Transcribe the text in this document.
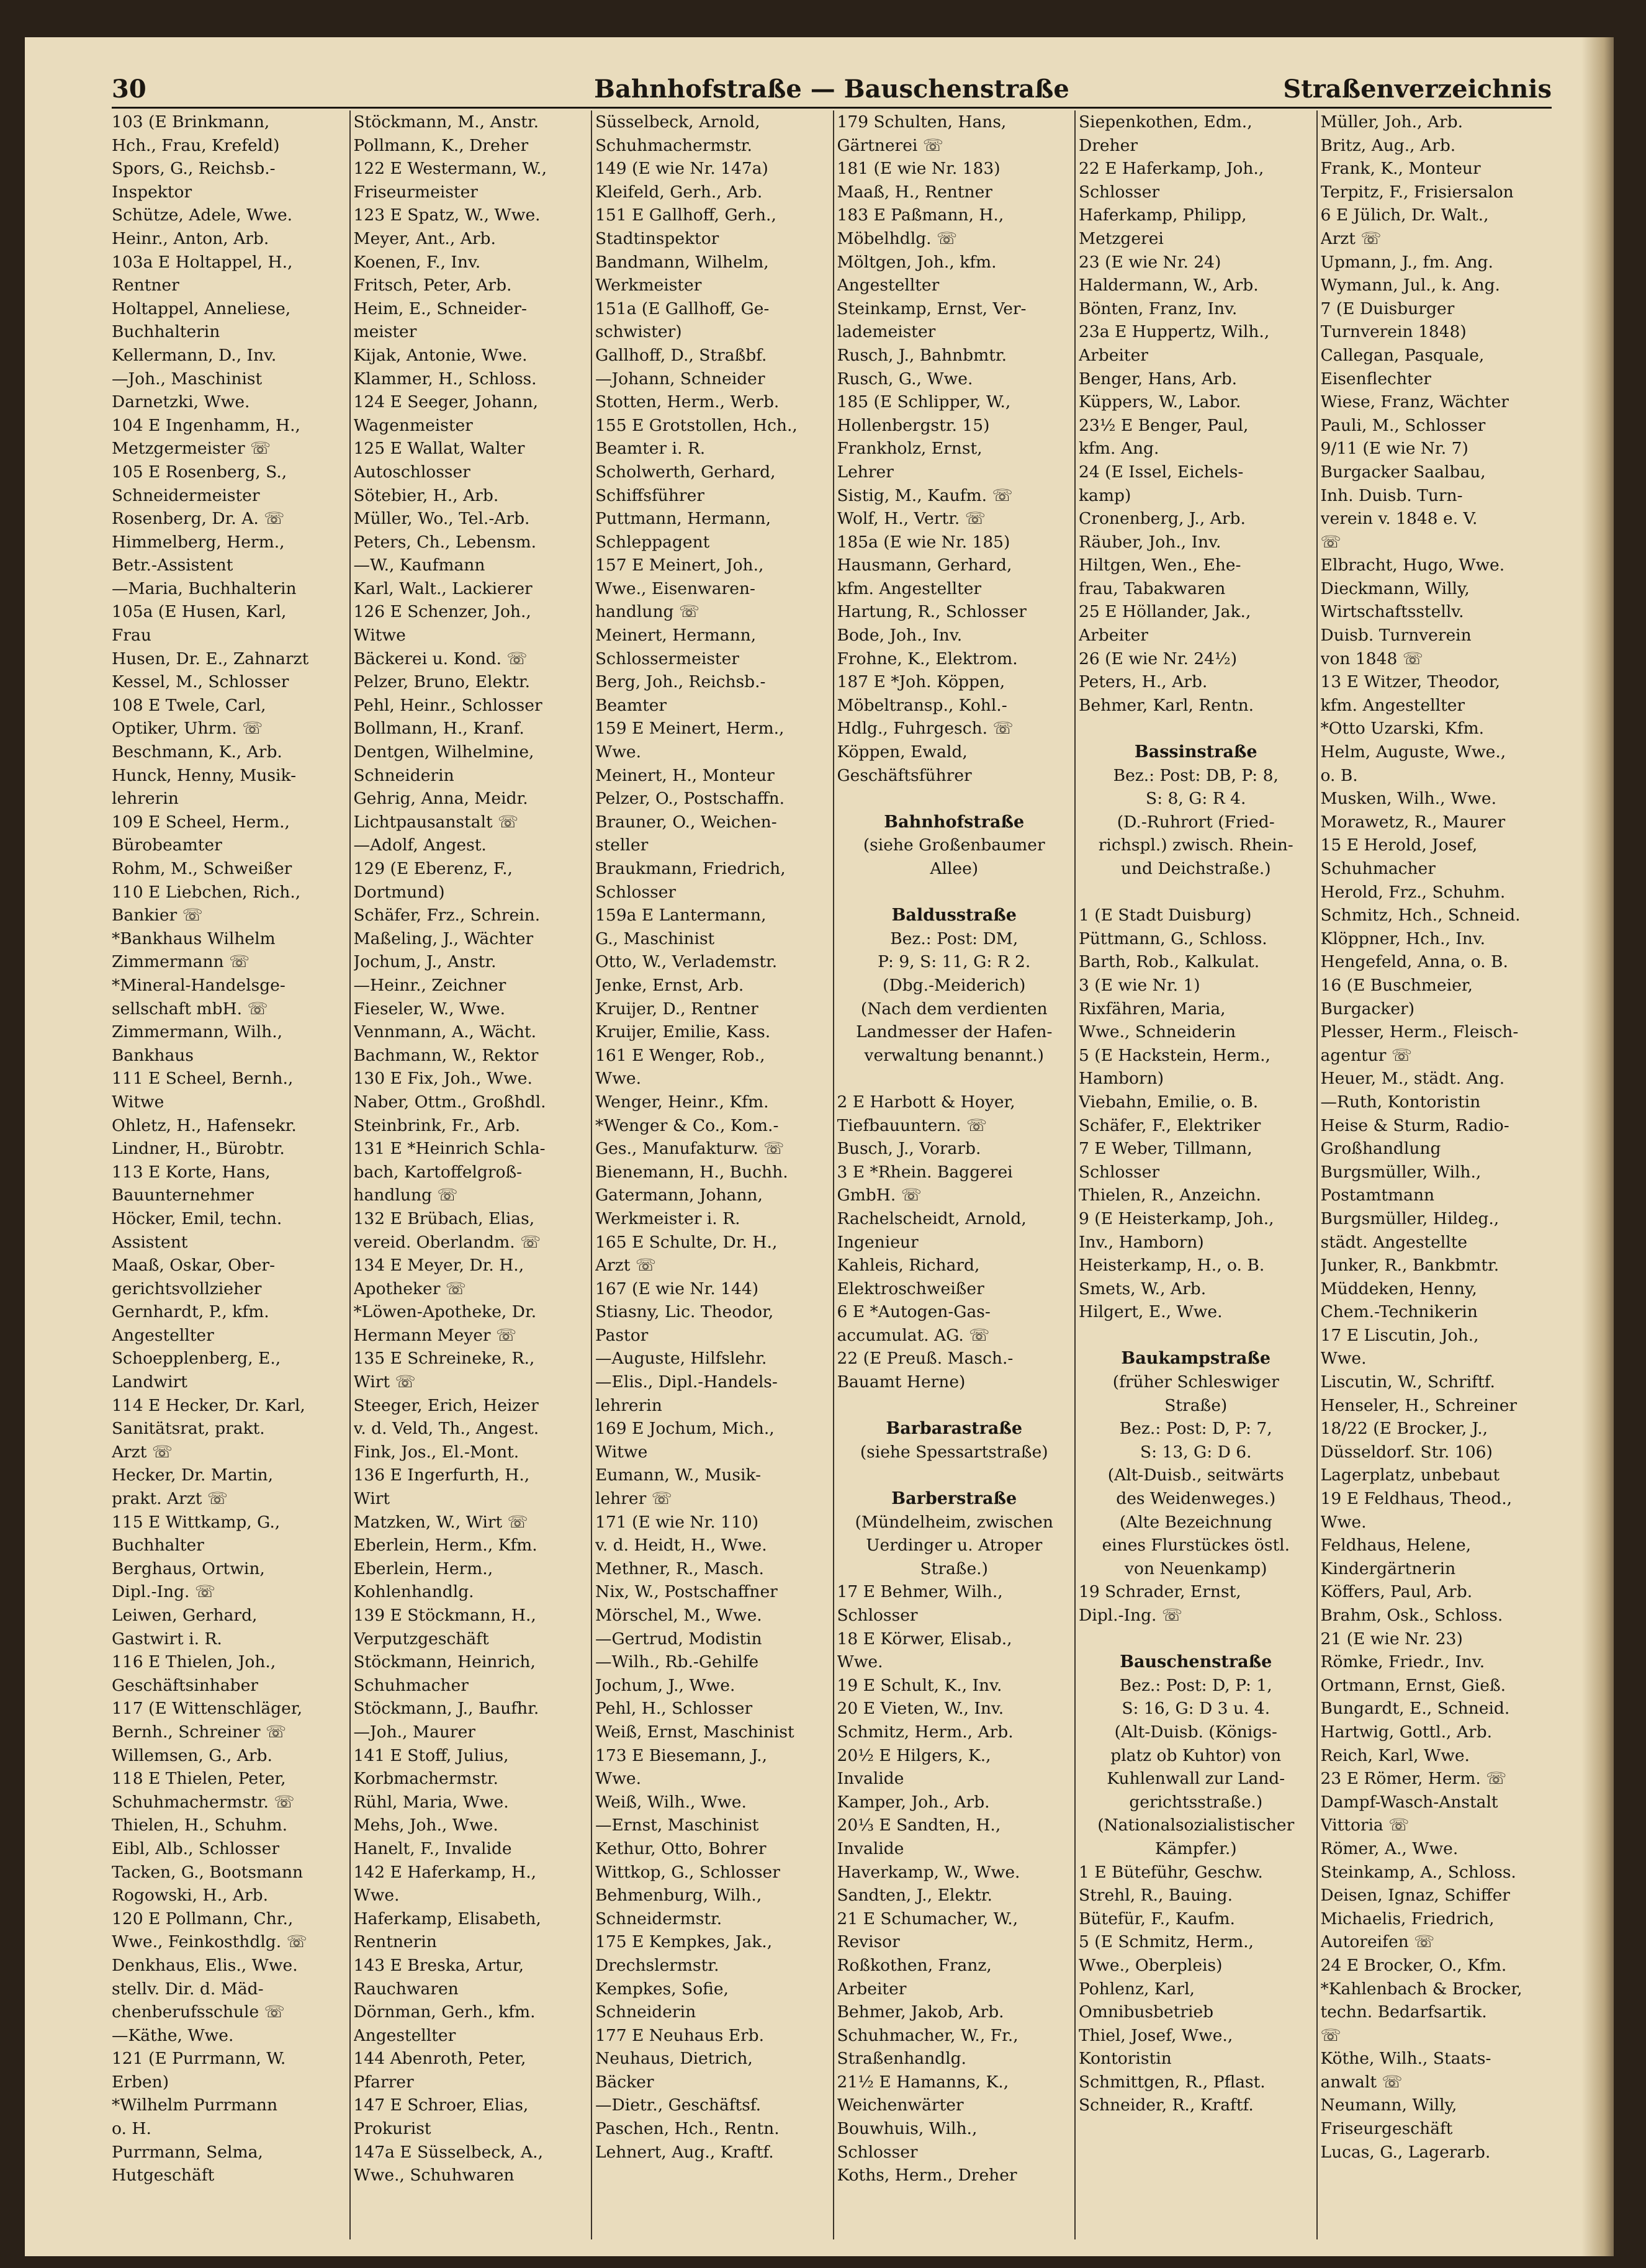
30	Bahnhofstraße — Bauschenstraße	Straßenverzeichnis
103 (E Brinkmann,
Hch., Frau, Krefeld)
Spors, G., Reichsb.-
Inspektor
Schütze, Adele, Wwe.
Heinr., Anton, Arb.
103a E Holtappel, H.,
Rentner
Holtappel, Anneliese,
Buchhalterin
Kellermann, D., Inv.
—Joh., Maschinist
Darnetzki, Wwe.
104 E Ingenhamm, H.,
Metzgermeister ☏
105 E Rosenberg, S.,
Schneidermeister
Rosenberg, Dr. A. ☏
Himmelberg, Herm.,
Betr.-Assistent
—Maria, Buchhalterin
105a (E Husen, Karl,
Frau
Husen, Dr. E., Zahnarzt
Kessel, M., Schlosser
108 E Twele, Carl,
Optiker, Uhrm. ☏
Beschmann, K., Arb.
Hunck, Henny, Musik-
lehrerin
109 E Scheel, Herm.,
Bürobeamter
Rohm, M., Schweißer
110 E Liebchen, Rich.,
Bankier ☏
*Bankhaus Wilhelm
Zimmermann ☏
*Mineral-Handelsge-
sellschaft mbH. ☏
Zimmermann, Wilh.,
Bankhaus
111 E Scheel, Bernh.,
Witwe
Ohletz, H., Hafensekr.
Lindner, H., Bürobtr.
113 E Korte, Hans,
Bauunternehmer
Höcker, Emil, techn.
Assistent
Maaß, Oskar, Ober-
gerichtsvollzieher
Gernhardt, P., kfm.
Angestellter
Schoepplenberg, E.,
Landwirt
114 E Hecker, Dr. Karl,
Sanitätsrat, prakt.
Arzt ☏
Hecker, Dr. Martin,
prakt. Arzt ☏
115 E Wittkamp, G.,
Buchhalter
Berghaus, Ortwin,
Dipl.-Ing. ☏
Leiwen, Gerhard,
Gastwirt i. R.
116 E Thielen, Joh.,
Geschäftsinhaber
117 (E Wittenschläger,
Bernh., Schreiner ☏
Willemsen, G., Arb.
118 E Thielen, Peter,
Schuhmachermstr. ☏
Thielen, H., Schuhm.
Eibl, Alb., Schlosser
Tacken, G., Bootsmann
Rogowski, H., Arb.
120 E Pollmann, Chr.,
Wwe., Feinkosthdlg. ☏
Denkhaus, Elis., Wwe.
stellv. Dir. d. Mäd-
chenberufsschule ☏
—Käthe, Wwe.
121 (E Purrmann, W.
Erben)
*Wilhelm Purrmann
o. H.
Purrmann, Selma,
Hutgeschäft
Stöckmann, M., Anstr.
Pollmann, K., Dreher
122 E Westermann, W.,
Friseurmeister
123 E Spatz, W., Wwe.
Meyer, Ant., Arb.
Koenen, F., Inv.
Fritsch, Peter, Arb.
Heim, E., Schneider-
meister
Kijak, Antonie, Wwe.
Klammer, H., Schloss.
124 E Seeger, Johann,
Wagenmeister
125 E Wallat, Walter
Autoschlosser
Sötebier, H., Arb.
Müller, Wo., Tel.-Arb.
Peters, Ch., Lebensm.
—W., Kaufmann
Karl, Walt., Lackierer
126 E Schenzer, Joh.,
Witwe
Bäckerei u. Kond. ☏
Pelzer, Bruno, Elektr.
Pehl, Heinr., Schlosser
Bollmann, H., Kranf.
Dentgen, Wilhelmine,
Schneiderin
Gehrig, Anna, Meidr.
Lichtpausanstalt ☏
—Adolf, Angest.
129 (E Eberenz, F.,
Dortmund)
Schäfer, Frz., Schrein.
Maßeling, J., Wächter
Jochum, J., Anstr.
—Heinr., Zeichner
Fieseler, W., Wwe.
Vennmann, A., Wächt.
Bachmann, W., Rektor
130 E Fix, Joh., Wwe.
Naber, Ottm., Großhdl.
Steinbrink, Fr., Arb.
131 E *Heinrich Schla-
bach, Kartoffelgroß-
handlung ☏
132 E Brübach, Elias,
vereid. Oberlandm. ☏
134 E Meyer, Dr. H.,
Apotheker ☏
*Löwen-Apotheke, Dr.
Hermann Meyer ☏
135 E Schreineke, R.,
Wirt ☏
Steeger, Erich, Heizer
v. d. Veld, Th., Angest.
Fink, Jos., El.-Mont.
136 E Ingerfurth, H.,
Wirt
Matzken, W., Wirt ☏
Eberlein, Herm., Kfm.
Eberlein, Herm.,
Kohlenhandlg.
139 E Stöckmann, H.,
Verputzgeschäft
Stöckmann, Heinrich,
Schuhmacher
Stöckmann, J., Baufhr.
—Joh., Maurer
141 E Stoff, Julius,
Korbmachermstr.
Rühl, Maria, Wwe.
Mehs, Joh., Wwe.
Hanelt, F., Invalide
142 E Haferkamp, H.,
Wwe.
Haferkamp, Elisabeth,
Rentnerin
143 E Breska, Artur,
Rauchwaren
Dörnman, Gerh., kfm.
Angestellter
144 Abenroth, Peter,
Pfarrer
147 E Schroer, Elias,
Prokurist
147a E Süsselbeck, A.,
Wwe., Schuhwaren
Süsselbeck, Arnold,
Schuhmachermstr.
149 (E wie Nr. 147a)
Kleifeld, Gerh., Arb.
151 E Gallhoff, Gerh.,
Stadtinspektor
Bandmann, Wilhelm,
Werkmeister
151a (E Gallhoff, Ge-
schwister)
Gallhoff, D., Straßbf.
—Johann, Schneider
Stotten, Herm., Werb.
155 E Grotstollen, Hch.,
Beamter i. R.
Scholwerth, Gerhard,
Schiffsführer
Puttmann, Hermann,
Schleppagent
157 E Meinert, Joh.,
Wwe., Eisenwaren-
handlung ☏
Meinert, Hermann,
Schlossermeister
Berg, Joh., Reichsb.-
Beamter
159 E Meinert, Herm.,
Wwe.
Meinert, H., Monteur
Pelzer, O., Postschaffn.
Brauner, O., Weichen-
steller
Braukmann, Friedrich,
Schlosser
159a E Lantermann,
G., Maschinist
Otto, W., Verlademstr.
Jenke, Ernst, Arb.
Kruijer, D., Rentner
Kruijer, Emilie, Kass.
161 E Wenger, Rob.,
Wwe.
Wenger, Heinr., Kfm.
*Wenger & Co., Kom.-
Ges., Manufakturw. ☏
Bienemann, H., Buchh.
Gatermann, Johann,
Werkmeister i. R.
165 E Schulte, Dr. H.,
Arzt ☏
167 (E wie Nr. 144)
Stiasny, Lic. Theodor,
Pastor
—Auguste, Hilfslehr.
—Elis., Dipl.-Handels-
lehrerin
169 E Jochum, Mich.,
Witwe
Eumann, W., Musik-
lehrer ☏
171 (E wie Nr. 110)
v. d. Heidt, H., Wwe.
Methner, R., Masch.
Nix, W., Postschaffner
Mörschel, M., Wwe.
—Gertrud, Modistin
—Wilh., Rb.-Gehilfe
Jochum, J., Wwe.
Pehl, H., Schlosser
Weiß, Ernst, Maschinist
173 E Biesemann, J.,
Wwe.
Weiß, Wilh., Wwe.
—Ernst, Maschinist
Kethur, Otto, Bohrer
Wittkop, G., Schlosser
Behmenburg, Wilh.,
Schneidermstr.
175 E Kempkes, Jak.,
Drechslermstr.
Kempkes, Sofie,
Schneiderin
177 E Neuhaus Erb.
Neuhaus, Dietrich,
Bäcker
—Dietr., Geschäftsf.
Paschen, Hch., Rentn.
Lehnert, Aug., Kraftf.
179 Schulten, Hans,
Gärtnerei ☏
181 (E wie Nr. 183)
Maaß, H., Rentner
183 E Paßmann, H.,
Möbelhdlg. ☏
Möltgen, Joh., kfm.
Angestellter
Steinkamp, Ernst, Ver-
lademeister
Rusch, J., Bahnbmtr.
Rusch, G., Wwe.
185 (E Schlipper, W.,
Hollenbergstr. 15)
Frankholz, Ernst,
Lehrer
Sistig, M., Kaufm. ☏
Wolf, H., Vertr. ☏
185a (E wie Nr. 185)
Hausmann, Gerhard,
kfm. Angestellter
Hartung, R., Schlosser
Bode, Joh., Inv.
Frohne, K., Elektrom.
187 E *Joh. Köppen,
Möbeltransp., Kohl.-
Hdlg., Fuhrgesch. ☏
Köppen, Ewald,
Geschäftsführer

Bahnhofstraße
(siehe Großenbaumer
Allee)

Baldusstraße
Bez.: Post: DM,
P: 9, S: 11, G: R 2.
(Dbg.-Meiderich)
(Nach dem verdienten
Landmesser der Hafen-
verwaltung benannt.)

2 E Harbott & Hoyer,
Tiefbauuntern. ☏
Busch, J., Vorarb.
3 E *Rhein. Baggerei
GmbH. ☏
Rachelscheidt, Arnold,
Ingenieur
Kahleis, Richard,
Elektroschweißer
6 E *Autogen-Gas-
accumulat. AG. ☏
22 (E Preuß. Masch.-
Bauamt Herne)

Barbarastraße
(siehe Spessartstraße)

Barberstraße
(Mündelheim, zwischen
Uerdinger u. Atroper
Straße.)
17 E Behmer, Wilh.,
Schlosser
18 E Körwer, Elisab.,
Wwe.
19 E Schult, K., Inv.
20 E Vieten, W., Inv.
Schmitz, Herm., Arb.
20½ E Hilgers, K.,
Invalide
Kamper, Joh., Arb.
20⅓ E Sandten, H.,
Invalide
Haverkamp, W., Wwe.
Sandten, J., Elektr.
21 E Schumacher, W.,
Revisor
Roßkothen, Franz,
Arbeiter
Behmer, Jakob, Arb.
Schuhmacher, W., Fr.,
Straßenhandlg.
21½ E Hamanns, K.,
Weichenwärter
Bouwhuis, Wilh.,
Schlosser
Koths, Herm., Dreher
Siepenkothen, Edm.,
Dreher
22 E Haferkamp, Joh.,
Schlosser
Haferkamp, Philipp,
Metzgerei
23 (E wie Nr. 24)
Haldermann, W., Arb.
Bönten, Franz, Inv.
23a E Huppertz, Wilh.,
Arbeiter
Benger, Hans, Arb.
Küppers, W., Labor.
23½ E Benger, Paul,
kfm. Ang.
24 (E Issel, Eichels-
kamp)
Cronenberg, J., Arb.
Räuber, Joh., Inv.
Hiltgen, Wen., Ehe-
frau, Tabakwaren
25 E Höllander, Jak.,
Arbeiter
26 (E wie Nr. 24½)
Peters, H., Arb.
Behmer, Karl, Rentn.

Bassinstraße
Bez.: Post: DB, P: 8,
S: 8, G: R 4.
(D.-Ruhrort (Fried-
richspl.) zwisch. Rhein-
und Deichstraße.)

1 (E Stadt Duisburg)
Püttmann, G., Schloss.
Barth, Rob., Kalkulat.
3 (E wie Nr. 1)
Rixfähren, Maria,
Wwe., Schneiderin
5 (E Hackstein, Herm.,
Hamborn)
Viebahn, Emilie, o. B.
Schäfer, F., Elektriker
7 E Weber, Tillmann,
Schlosser
Thielen, R., Anzeichn.
9 (E Heisterkamp, Joh.,
Inv., Hamborn)
Heisterkamp, H., o. B.
Smets, W., Arb.
Hilgert, E., Wwe.

Baukampstraße
(früher Schleswiger
Straße)
Bez.: Post: D, P: 7,
S: 13, G: D 6.
(Alt-Duisb., seitwärts
des Weidenweges.)
(Alte Bezeichnung
eines Flurstückes östl.
von Neuenkamp)
19 Schrader, Ernst,
Dipl.-Ing. ☏

Bauschenstraße
Bez.: Post: D, P: 1,
S: 16, G: D 3 u. 4.
(Alt-Duisb. (Königs-
platz ob Kuhtor) von
Kuhlenwall zur Land-
gerichtsstraße.)
(Nationalsozialistischer
Kämpfer.)
1 E Büteführ, Geschw.
Strehl, R., Bauing.
Bütefür, F., Kaufm.
5 (E Schmitz, Herm.,
Wwe., Oberpleis)
Pohlenz, Karl,
Omnibusbetrieb
Thiel, Josef, Wwe.,
Kontoristin
Schmittgen, R., Pflast.
Schneider, R., Kraftf.
Müller, Joh., Arb.
Britz, Aug., Arb.
Frank, K., Monteur
Terpitz, F., Frisiersalon
6 E Jülich, Dr. Walt.,
Arzt ☏
Upmann, J., fm. Ang.
Wymann, Jul., k. Ang.
7 (E Duisburger
Turnverein 1848)
Callegan, Pasquale,
Eisenflechter
Wiese, Franz, Wächter
Pauli, M., Schlosser
9/11 (E wie Nr. 7)
Burgacker Saalbau,
Inh. Duisb. Turn-
verein v. 1848 e. V.
☏
Elbracht, Hugo, Wwe.
Dieckmann, Willy,
Wirtschaftsstellv.
Duisb. Turnverein
von 1848 ☏
13 E Witzer, Theodor,
kfm. Angestellter
*Otto Uzarski, Kfm.
Helm, Auguste, Wwe.,
o. B.
Musken, Wilh., Wwe.
Morawetz, R., Maurer
15 E Herold, Josef,
Schuhmacher
Herold, Frz., Schuhm.
Schmitz, Hch., Schneid.
Klöppner, Hch., Inv.
Hengefeld, Anna, o. B.
16 (E Buschmeier,
Burgacker)
Plesser, Herm., Fleisch-
agentur ☏
Heuer, M., städt. Ang.
—Ruth, Kontoristin
Heise & Sturm, Radio-
Großhandlung
Burgsmüller, Wilh.,
Postamtmann
Burgsmüller, Hildeg.,
städt. Angestellte
Junker, R., Bankbmtr.
Müddeken, Henny,
Chem.-Technikerin
17 E Liscutin, Joh.,
Wwe.
Liscutin, W., Schriftf.
Henseler, H., Schreiner
18/22 (E Brocker, J.,
Düsseldorf. Str. 106)
Lagerplatz, unbebaut
19 E Feldhaus, Theod.,
Wwe.
Feldhaus, Helene,
Kindergärtnerin
Köffers, Paul, Arb.
Brahm, Osk., Schloss.
21 (E wie Nr. 23)
Römke, Friedr., Inv.
Ortmann, Ernst, Gieß.
Bungardt, E., Schneid.
Hartwig, Gottl., Arb.
Reich, Karl, Wwe.
23 E Römer, Herm. ☏
Dampf-Wasch-Anstalt
Vittoria ☏
Römer, A., Wwe.
Steinkamp, A., Schloss.
Deisen, Ignaz, Schiffer
Michaelis, Friedrich,
Autoreifen ☏
24 E Brocker, O., Kfm.
*Kahlenbach & Brocker,
techn. Bedarfsartik.
☏
Köthe, Wilh., Staats-
anwalt ☏
Neumann, Willy,
Friseurgeschäft
Lucas, G., Lagerarb.
